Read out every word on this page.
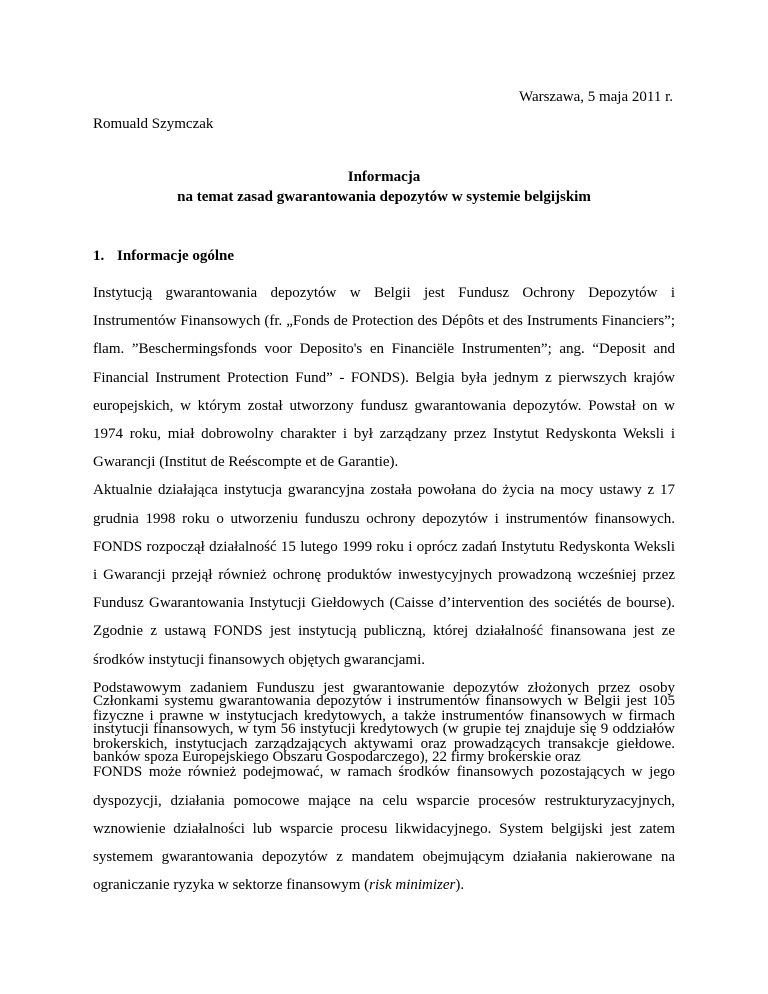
Warszawa, 5 maja 2011 r.
Romuald Szymczak
Informacja
na temat zasad gwarantowania depozytów w systemie belgijskim
1. Informacje ogólne

Instytucją gwarantowania depozytów w Belgii jest Fundusz Ochrony Depozytów i Instrumentów Finansowych (fr. „Fonds de Protection des Dépôts et des Instruments Financiers”; flam. ”Beschermingsfonds voor Deposito's en Financiële Instrumenten”; ang. “Deposit and Financial Instrument Protection Fund” - FONDS). Belgia była jednym z pierwszych krajów europejskich, w którym został utworzony fundusz gwarantowania depozytów. Powstał on w 1974 roku, miał dobrowolny charakter i był zarządzany przez Instytut Redyskonta Weksli i Gwarancji (Institut de Reéscompte et de Garantie).

Aktualnie działająca instytucja gwarancyjna została powołana do życia na mocy ustawy z 17 grudnia 1998 roku o utworzeniu funduszu ochrony depozytów i instrumentów finansowych. FONDS rozpoczął działalność 15 lutego 1999 roku i oprócz zadań Instytutu Redyskonta Weksli i Gwarancji przejął również ochronę produktów inwestycyjnych prowadzoną wcześniej przez Fundusz Gwarantowania Instytucji Giełdowych (Caisse d’intervention des sociétés de bourse). Zgodnie z ustawą FONDS jest instytucją publiczną, której działalność finansowana jest ze środków instytucji finansowych objętych gwarancjami.

Podstawowym zadaniem Funduszu jest gwarantowanie depozytów złożonych przez osoby fizyczne i prawne w instytucjach kredytowych, a także instrumentów finansowych w firmach brokerskich, instytucjach zarządzających aktywami oraz prowadzących transakcje giełdowe. FONDS może również podejmować, w ramach środków finansowych pozostających w jego dyspozycji, działania pomocowe mające na celu wsparcie procesów restrukturyzacyjnych, wznowienie działalności lub wsparcie procesu likwidacyjnego. System belgijski jest zatem systemem gwarantowania depozytów z mandatem obejmującym działania nakierowane na ograniczanie ryzyka w sektorze finansowym (risk minimizer).

Członkami systemu gwarantowania depozytów i instrumentów finansowych w Belgii jest 105 instytucji finansowych, w tym 56 instytucji kredytowych (w grupie tej znajduje się 9 oddziałów banków spoza Europejskiego Obszaru Gospodarczego), 22 firmy brokerskie oraz
